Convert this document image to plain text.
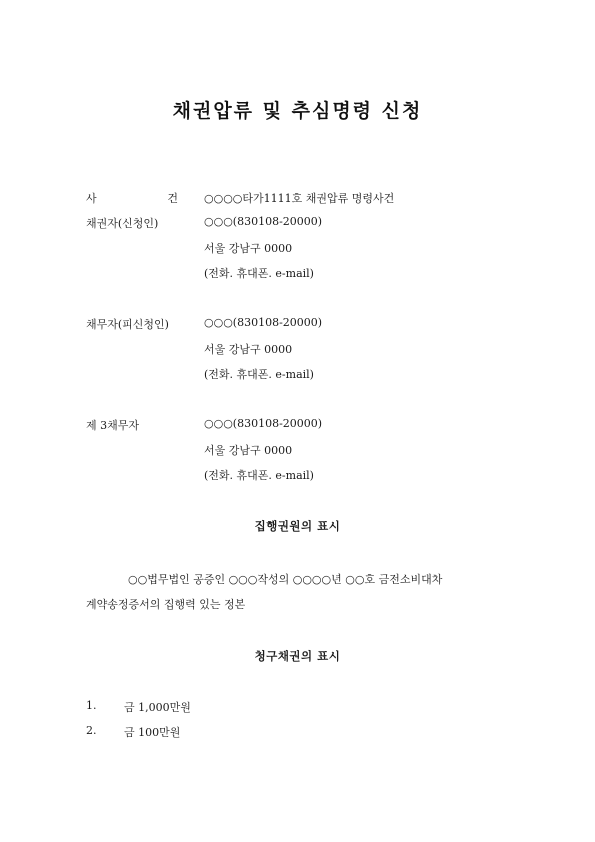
채권압류 및 추심명령 신청
사	건 ○○○○타가1111호 채권압류 명령사건
채권자(신청인)	○○○(830108-20000)
서울 강남구 0000
(전화. 휴대폰. e-mail)
채무자(피신청인)	○○○(830108-20000)
서울 강남구 0000
(전화. 휴대폰. e-mail)
제 3채무자	○○○(830108-20000)
서울 강남구 0000
(전화. 휴대폰. e-mail)
집행권원의 표시
○○법무법인 공증인 ○○○작성의 ○○○○년 ○○호 금전소비대차
계약송정증서의 집행력 있는 정본
청구채권의 표시
1.	금 1,000만원
2.	금 100만원
